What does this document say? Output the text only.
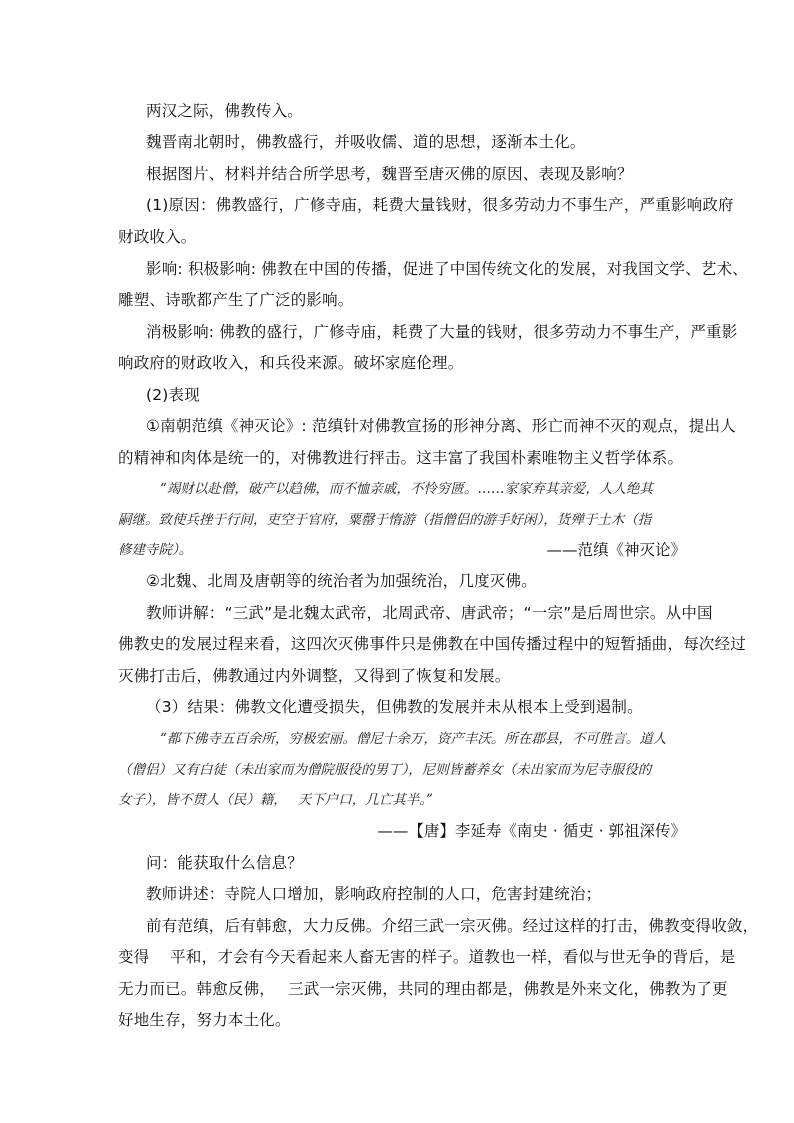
两汉之际，佛教传入。
魏晋南北朝时，佛教盛行，并吸收儒、道的思想，逐渐本土化。
根据图片、材料并结合所学思考，魏晋至唐灭佛的原因、表现及影响？
(1)原因：佛教盛行，广修寺庙，耗费大量钱财，很多劳动力不事生产，严重影响政府
财政收入。
影响: 积极影响: 佛教在中国的传播，促进了中国传统文化的发展，对我国文学、艺术、
雕塑、诗歌都产生了广泛的影响。
消极影响: 佛教的盛行，广修寺庙，耗费了大量的钱财，很多劳动力不事生产，严重影
响政府的财政收入，和兵役来源。破坏家庭伦理。
(2)表现
①南朝范缜《神灭论》: 范缜针对佛教宣扬的形神分离、形亡而神不灭的观点，提出人
的精神和肉体是统一的，对佛教进行抨击。这丰富了我国朴素唯物主义哲学体系。
“竭财以赴僧，破产以趋佛，而不恤亲戚，不怜穷匮。……家家弃其亲爱，人人绝其
嗣继。致使兵挫于行间，吏空于官府，粟罄于惰游（指僧侣的游手好闲），货殚于土木（指
修建寺院）。	——范缜《神灭论》
②北魏、北周及唐朝等的统治者为加强统治，几度灭佛。
教师讲解：“三武”是北魏太武帝，北周武帝、唐武帝；“一宗”是后周世宗。从中国
佛教史的发展过程来看，这四次灭佛事件只是佛教在中国传播过程中的短暂插曲，每次经过
灭佛打击后，佛教通过内外调整，又得到了恢复和发展。
（3）结果：佛教文化遭受损失，但佛教的发展并未从根本上受到遏制。
“都下佛寺五百余所，穷极宏丽。僧尼十余万，资产丰沃。所在郡县，不可胜言。道人
（僧侣）又有白徒（未出家而为僧院服役的男丁），尼则皆蓄养女（未出家而为尼寺服役的
女子），皆不贯人（民）籍，　 天下户口，几亡其半。”
——【唐】李延寿《南史 · 循吏 · 郭祖深传》
问：能获取什么信息？
教师讲述：寺院人口增加，影响政府控制的人口，危害封建统治；
前有范缜，后有韩愈，大力反佛。介绍三武一宗灭佛。经过这样的打击，佛教变得收敛，
变得　 平和，才会有今天看起来人畜无害的样子。道教也一样，看似与世无争的背后，是
无力而已。韩愈反佛，　 三武一宗灭佛，共同的理由都是，佛教是外来文化，佛教为了更
好地生存，努力本土化。
